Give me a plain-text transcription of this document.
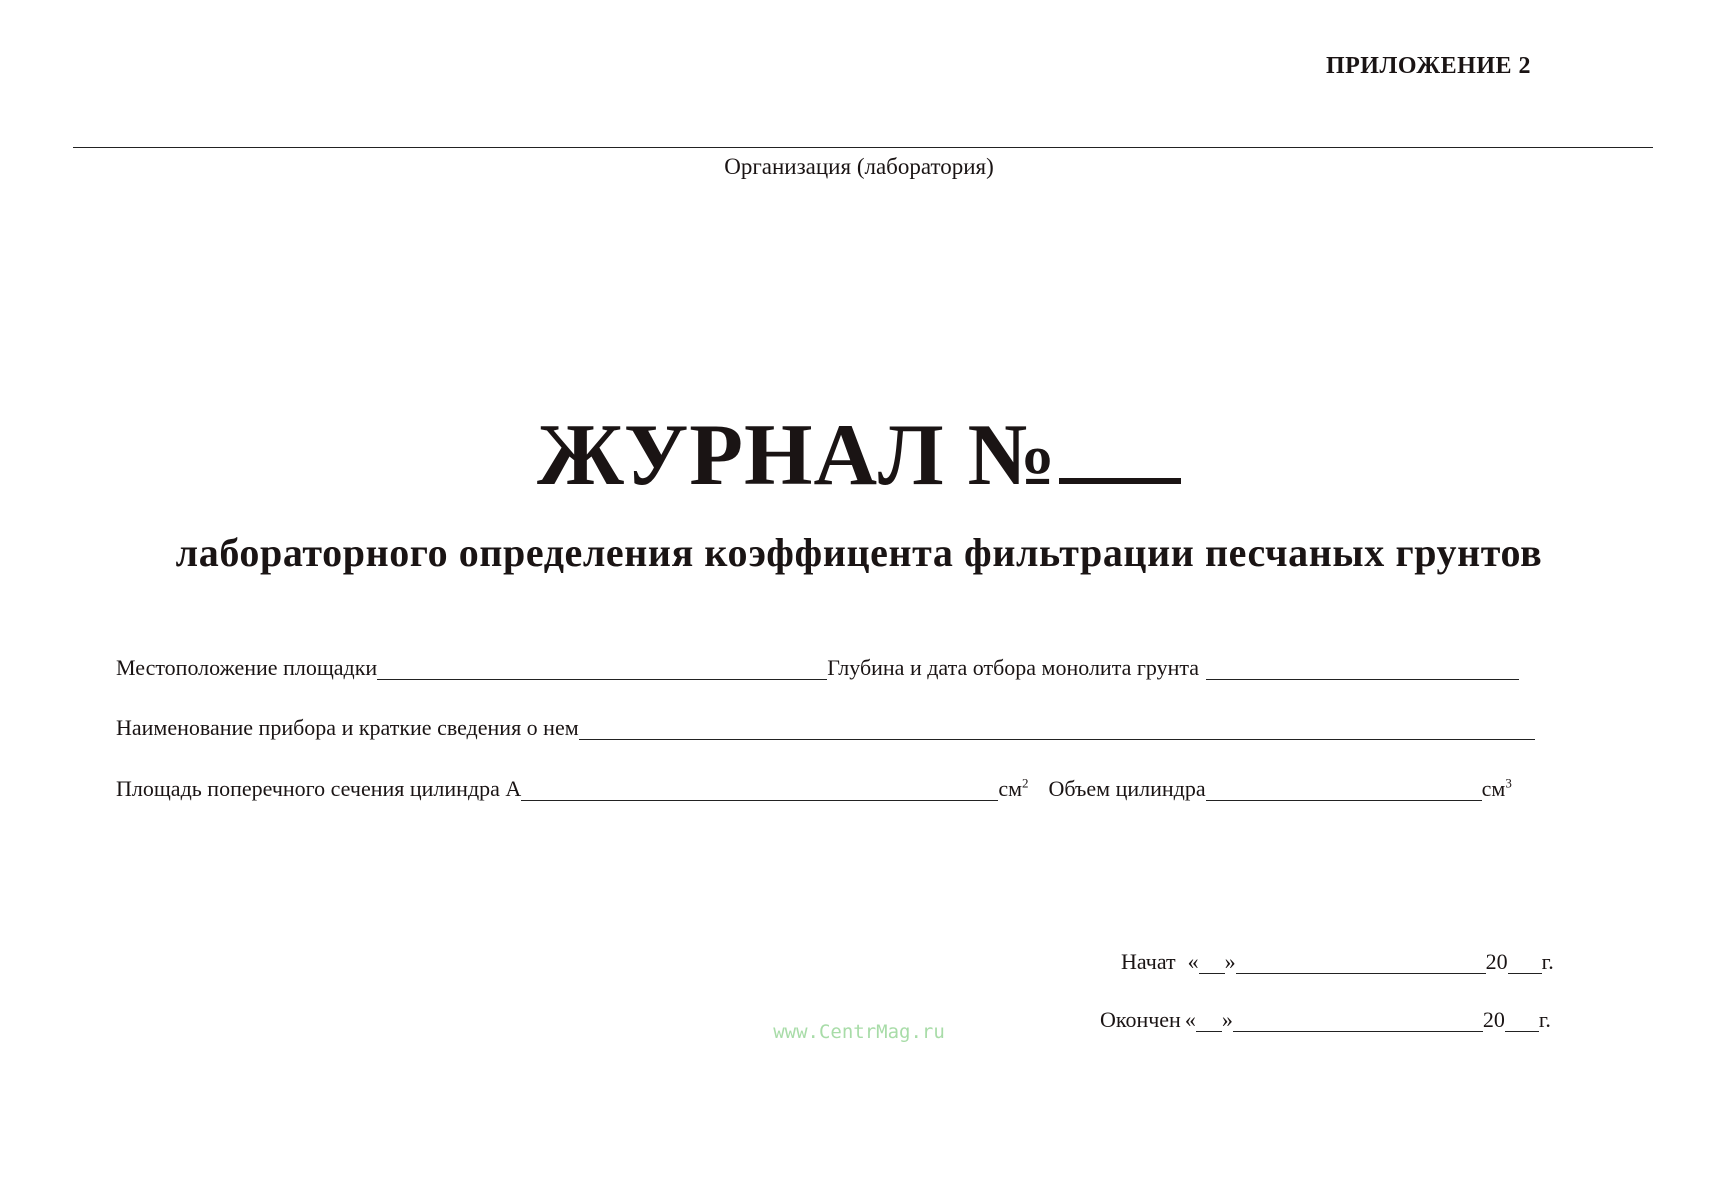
ПРИЛОЖЕНИЕ 2
Организация (лаборатория)
ЖУРНАЛ №
лабораторного определения коэффицента фильтрации песчаных грунтов
Местоположение площадки	Глубина и дата отбора монолита грунта
Наименование прибора и краткие сведения о нем
Площадь поперечного сечения цилиндра А	$см^2$ Объем цилиндра	$см^3$
Начат « »	20 г.
Окончен « »	20 г.
www.CentrMag.ru
